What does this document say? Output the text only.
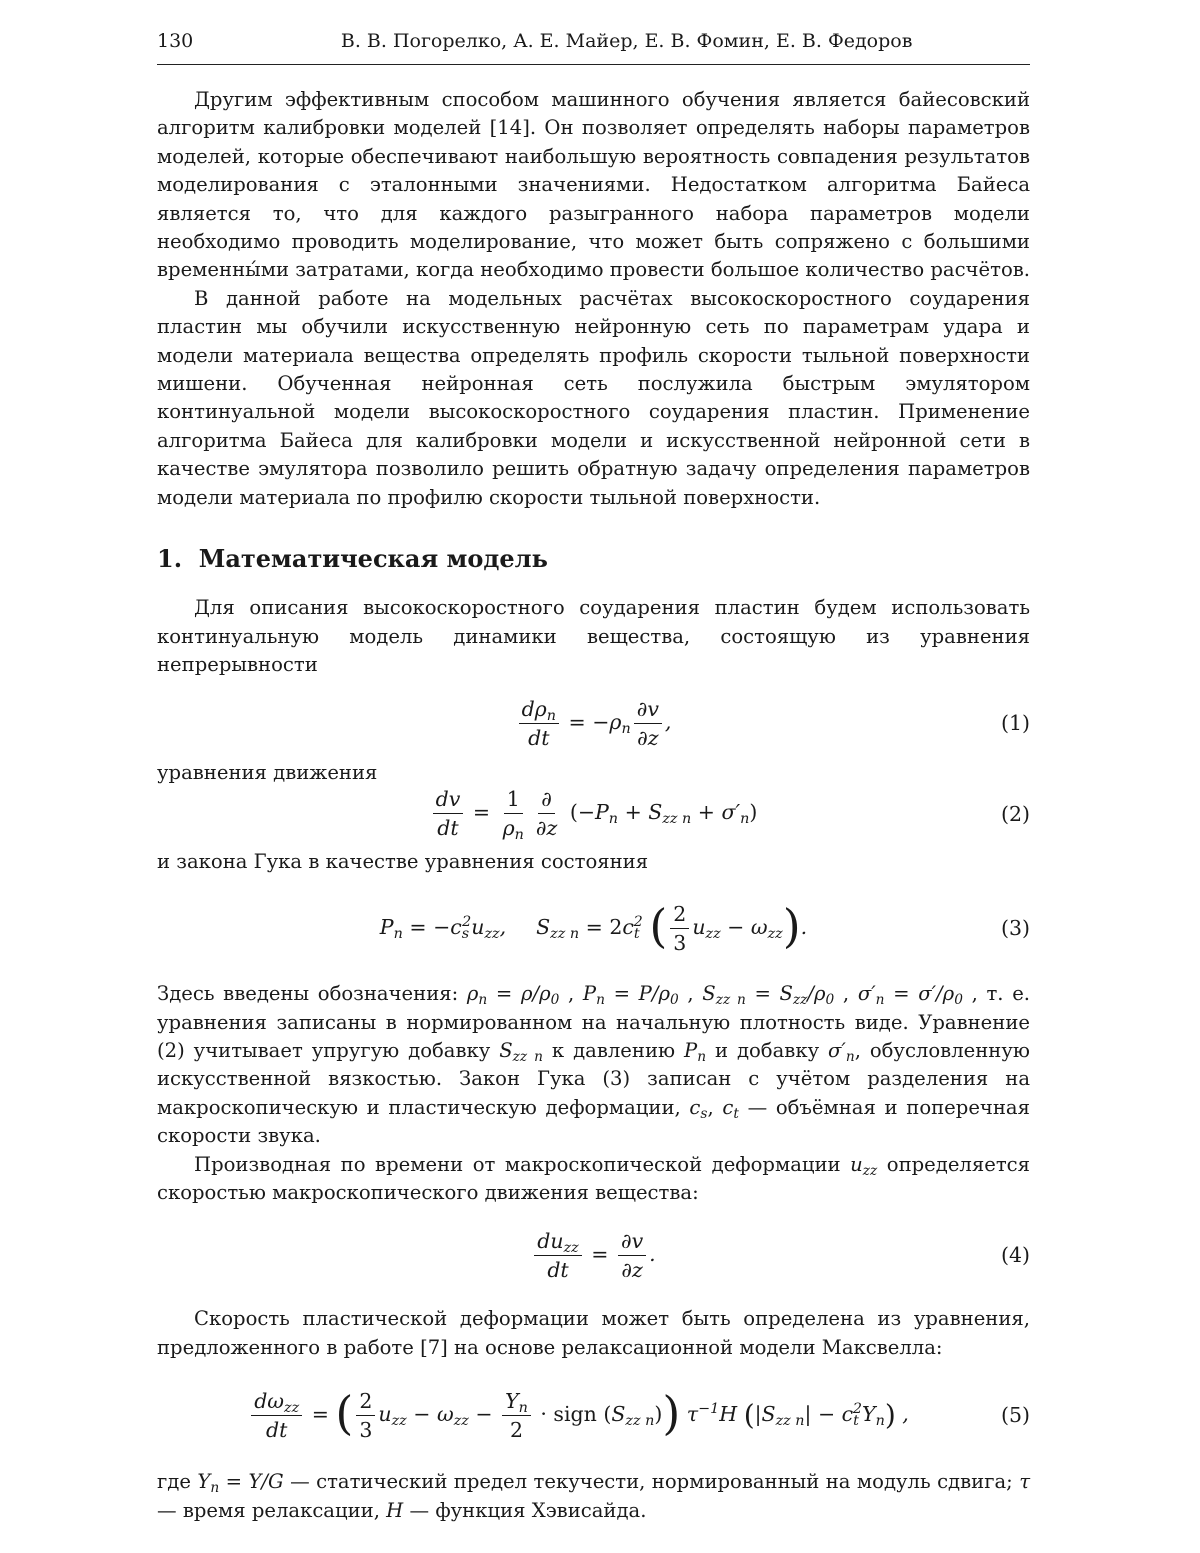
130	В. В. Погорелко, А. Е. Майер, Е. В. Фомин, Е. В. Федоров

Другим эффективным способом машинного обучения является байесовский алгоритм калибровки моделей [14]. Он позволяет определять наборы параметров моделей, которые обеспечивают наибольшую вероятность совпадения результатов моделирования с эталонными значениями. Недостатком алгоритма Байеса является то, что для каждого разыгранного набора параметров модели необходимо проводить моделирование, что может быть сопряжено с большими временны́ми затратами, когда необходимо провести большое количество расчётов.

В данной работе на модельных расчётах высокоскоростного соударения пластин мы обучили искусственную нейронную сеть по параметрам удара и модели материала вещества определять профиль скорости тыльной поверхности мишени. Обученная нейронная сеть послужила быстрым эмулятором континуальной модели высокоскоростного соударения пластин. Применение алгоритма Байеса для калибровки модели и искусственной нейронной сети в качестве эмулятора позволило решить обратную задачу определения параметров модели материала по профилю скорости тыльной поверхности.

1. Математическая модель

Для описания высокоскоростного соударения пластин будем использовать континуальную модель динамики вещества, состоящую из уравнения непрерывности

$\frac{d\rho_n}{dt} = -\rho_n \frac{\partial v}{\partial z}$ ,	(1)

уравнения движения

$\frac{dv}{dt} = \frac{1}{\rho_n} \frac{\partial}{\partial z} (-P_n + S_{zz n} + \sigma'_n)$	(2)

и закона Гука в качестве уравнения состояния

$P_n = -c_s^2u_{zz}$, $S_{zz n} = 2c_t^2$ ( $\frac{2}{3} u_{zz} - \omega_{zz}$).	(3)

Здесь введены обозначения: $\rho_n = \rho/\rho_0$ , $P_n = P/\rho_0$ , $S_{zz n} = S_{zz}/\rho_0$ , $\sigma'_n = \sigma'/\rho_0$ , т. е. уравнения записаны в нормированном на начальную плотность виде. Уравнение (2) учитывает упругую добавку $S_{zz n}$ к давлению $P_n$ и добавку $\sigma'_n$, обусловленную искусственной вязкостью. Закон Гука (3) записан с учётом разделения на макроскопическую и пластическую деформации, $c_s$, $c_t$ — объёмная и поперечная скорости звука.

Производная по времени от макроскопической деформации $u_{zz}$ определяется скоростью макроскопического движения вещества:

$\frac{du_{zz}}{dt} = \frac{\partial v}{\partial z}$ .	(4)

Скорость пластической деформации может быть определена из уравнения, предложенного в работе [7] на основе релаксационной модели Максвелла:

$\frac{d\omega_{zz}}{dt}$ = ( $\frac{2}{3} u_{zz} - \omega_{zz} - \frac{Y_n}{2}$ · sign $(S_{zz n})$) $\tau^{-1}H$ $(|S_{zz n}| - c_t^2Y_n)$ ,	(5)

где $Y_n = Y/G$ — статический предел текучести, нормированный на модуль сдвига; τ — время релаксации, H — функция Хэвисайда.
